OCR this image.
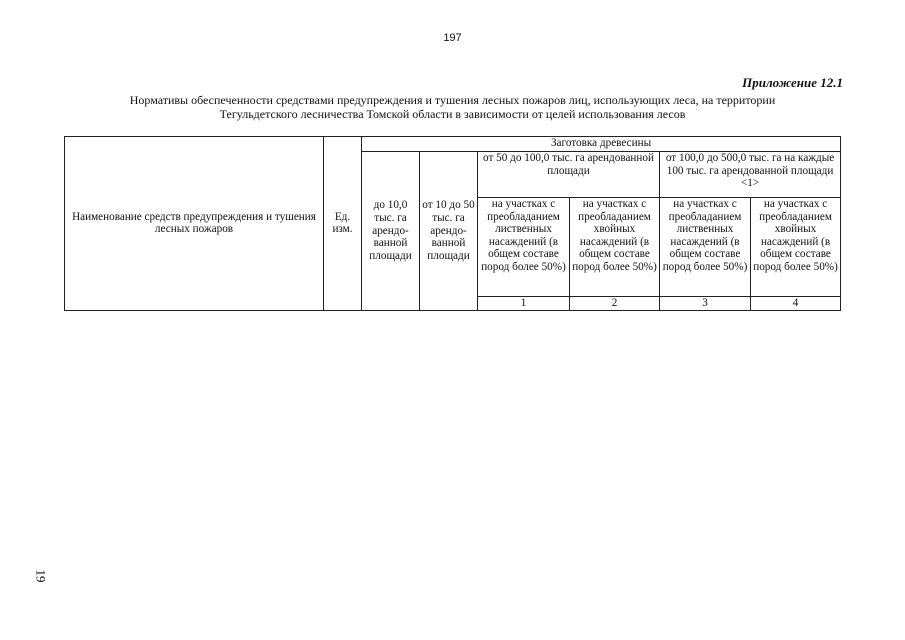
197
Приложение 12.1
Нормативы обеспеченности средствами предупреждения и тушения лесных пожаров лиц, использующих леса, на территории
Тегульдетского лесничества Томской области в зависимости от целей использования лесов
19
Наименование средств предупреждения и тушения лесных пожаров	Ед. изм.	Заготовка древесины						
		до 10,0 тыс. га арендо-ванной площади	от 10 до 50 тыс. га арендо-ванной площади	от 50 до 100,0 тыс. га арендованной площади		от 100,0 до 500,0 тыс. га на каждые 100 тыс. га арендованной площади <1>		
				на участках с преобладанием лиственных насаждений (в общем составе пород более 50%)	на участках с преобладанием хвойных насаждений (в общем составе пород более 50%)	на участках с преобладанием лиственных насаждений (в общем составе пород более 50%)	на участках с преобладанием хвойных насаждений (в общем составе пород более 50%)	
				1	2	3	4				
